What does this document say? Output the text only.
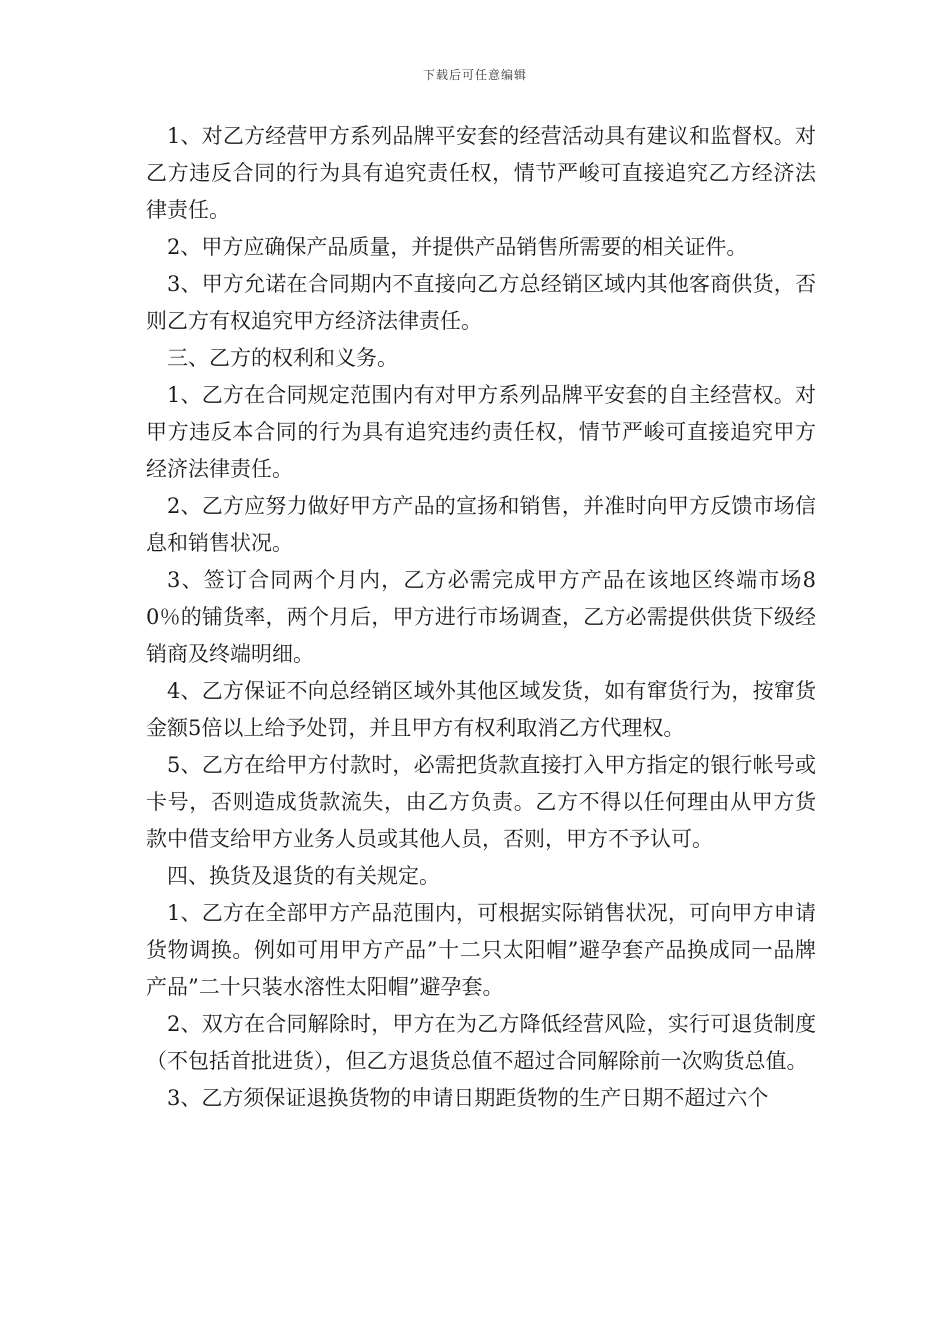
下载后可任意编辑

1、对乙方经营甲方系列品牌平安套的经营活动具有建议和监督权。对乙方违反合同的行为具有追究责任权，情节严峻可直接追究乙方经济法律责任。

2、甲方应确保产品质量，并提供产品销售所需要的相关证件。

3、甲方允诺在合同期内不直接向乙方总经销区域内其他客商供货，否则乙方有权追究甲方经济法律责任。

三、乙方的权利和义务。

1、乙方在合同规定范围内有对甲方系列品牌平安套的自主经营权。对甲方违反本合同的行为具有追究违约责任权，情节严峻可直接追究甲方经济法律责任。

2、乙方应努力做好甲方产品的宣扬和销售，并准时向甲方反馈市场信息和销售状况。

3、签订合同两个月内，乙方必需完成甲方产品在该地区终端市场80％的铺货率，两个月后，甲方进行市场调查，乙方必需提供供货下级经销商及终端明细。

4、乙方保证不向总经销区域外其他区域发货，如有窜货行为，按窜货金额5倍以上给予处罚，并且甲方有权利取消乙方代理权。

5、乙方在给甲方付款时，必需把货款直接打入甲方指定的银行帐号或卡号，否则造成货款流失，由乙方负责。乙方不得以任何理由从甲方货款中借支给甲方业务人员或其他人员，否则，甲方不予认可。

四、换货及退货的有关规定。

1、乙方在全部甲方产品范围内，可根据实际销售状况，可向甲方申请货物调换。例如可用甲方产品”十二只太阳帽”避孕套产品换成同一品牌产品”二十只装水溶性太阳帽”避孕套。

2、双方在合同解除时，甲方在为乙方降低经营风险，实行可退货制度（不包括首批进货），但乙方退货总值不超过合同解除前一次购货总值。

3、乙方须保证退换货物的申请日期距货物的生产日期不超过六个
